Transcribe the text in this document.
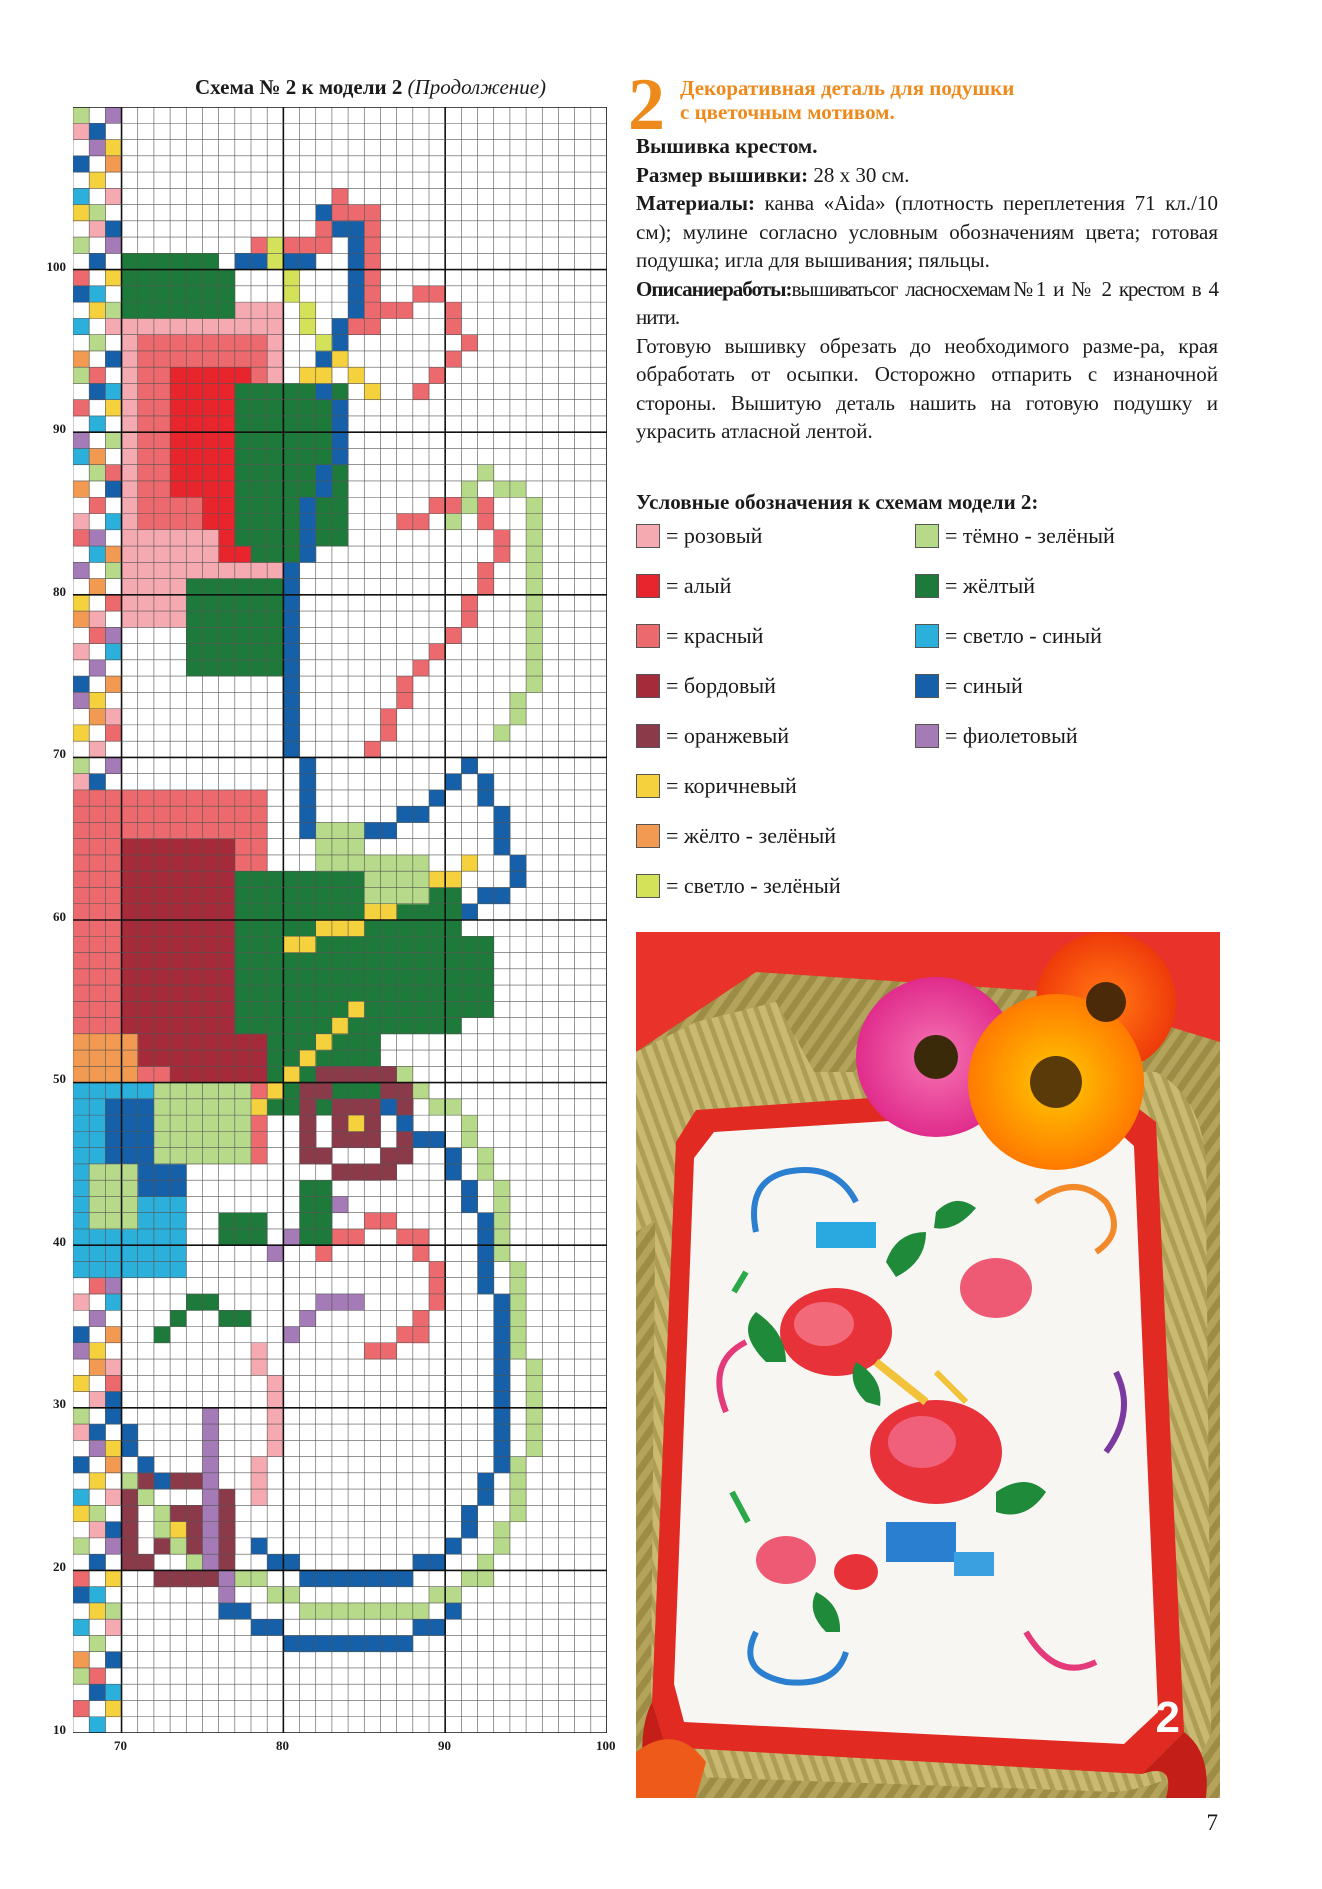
Схема № 2 к модели 2 (Продолжение)
100
90
80
70
60
50
40
30
20
10
70	80	90	100
2 Декоративная деталь для подушки
с цветочным мотивом.

Вышивка крестом.

Размер вышивки: 28 х 30 см.

Материалы: канва «Aida» (плотность переплетения 71 кл./10 см); мулине согласно условным обозначениям цвета; готовая подушка; игла для вышивания; пяльцы.

Описаниеработы:вышиватьсог ласносхемам№1 и № 2 крестом в 4 нити.

Готовую вышивку обрезать до необходимого разме-ра, края обработать от осыпки. Осторожно отпарить с изнаночной стороны. Вышитую деталь нашить на готовую подушку и украсить атласной лентой.

Условные обозначения к схемам модели 2:
= розовый
= алый
= красный
= бордовый
= оранжевый
= коричневый
= жёлто - зелёный
= светло - зелёный
= тёмно - зелёный
= жёлтый
= светло - синый
= синый
= фиолетовый
2
7
